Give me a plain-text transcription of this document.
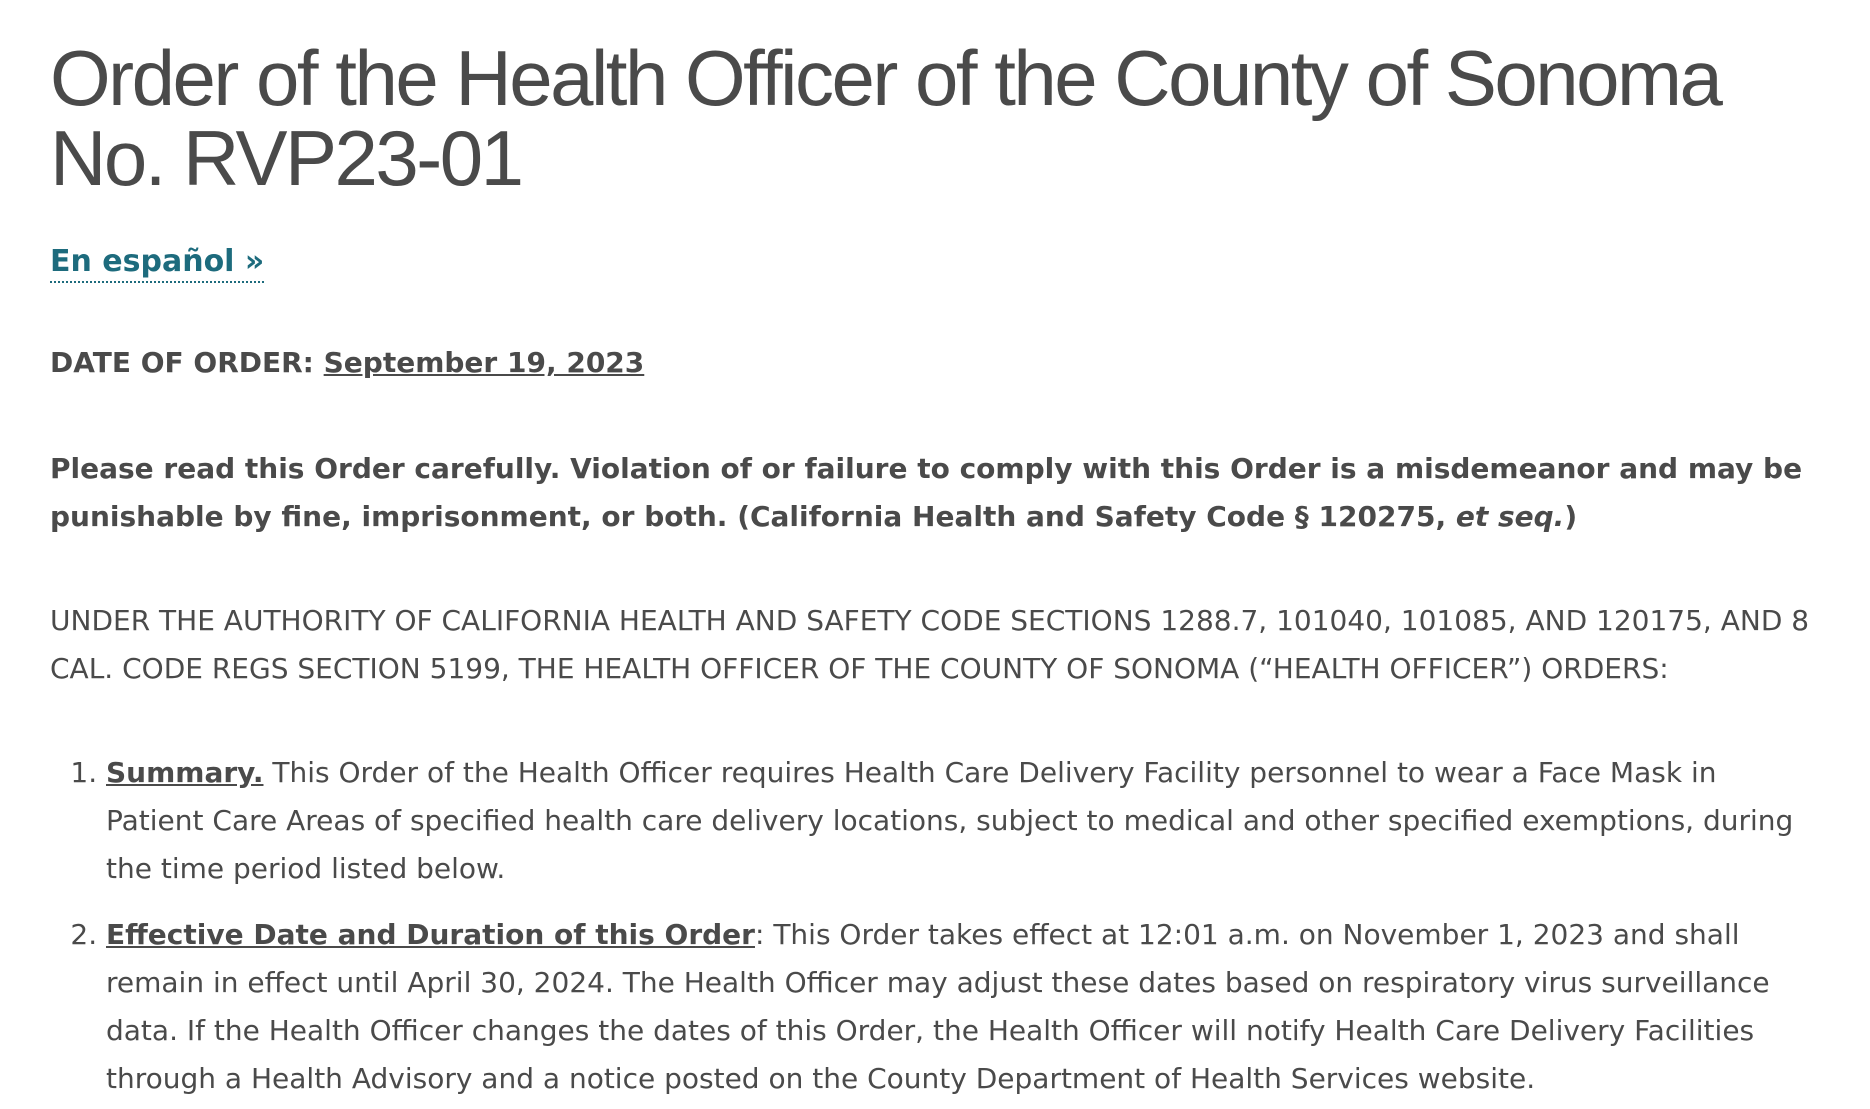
Order of the Health Officer of the County of Sonoma
No. RVP23-01
En español »
DATE OF ORDER: September 19, 2023
Please read this Order carefully. Violation of or failure to comply with this Order is a misdemeanor and may be punishable by fine, imprisonment, or both. (California Health and Safety Code § 120275, et seq.)
UNDER THE AUTHORITY OF CALIFORNIA HEALTH AND SAFETY CODE SECTIONS 1288.7, 101040, 101085, AND 120175, AND 8 CAL. CODE REGS SECTION 5199, THE HEALTH OFFICER OF THE COUNTY OF SONOMA (“HEALTH OFFICER”) ORDERS:
1. Summary. This Order of the Health Officer requires Health Care Delivery Facility personnel to wear a Face Mask in Patient Care Areas of specified health care delivery locations, subject to medical and other specified exemptions, during the time period listed below.
2. Effective Date and Duration of this Order: This Order takes effect at 12:01 a.m. on November 1, 2023 and shall remain in effect until April 30, 2024. The Health Officer may adjust these dates based on respiratory virus surveillance data. If the Health Officer changes the dates of this Order, the Health Officer will notify Health Care Delivery Facilities through a Health Advisory and a notice posted on the County Department of Health Services website.
